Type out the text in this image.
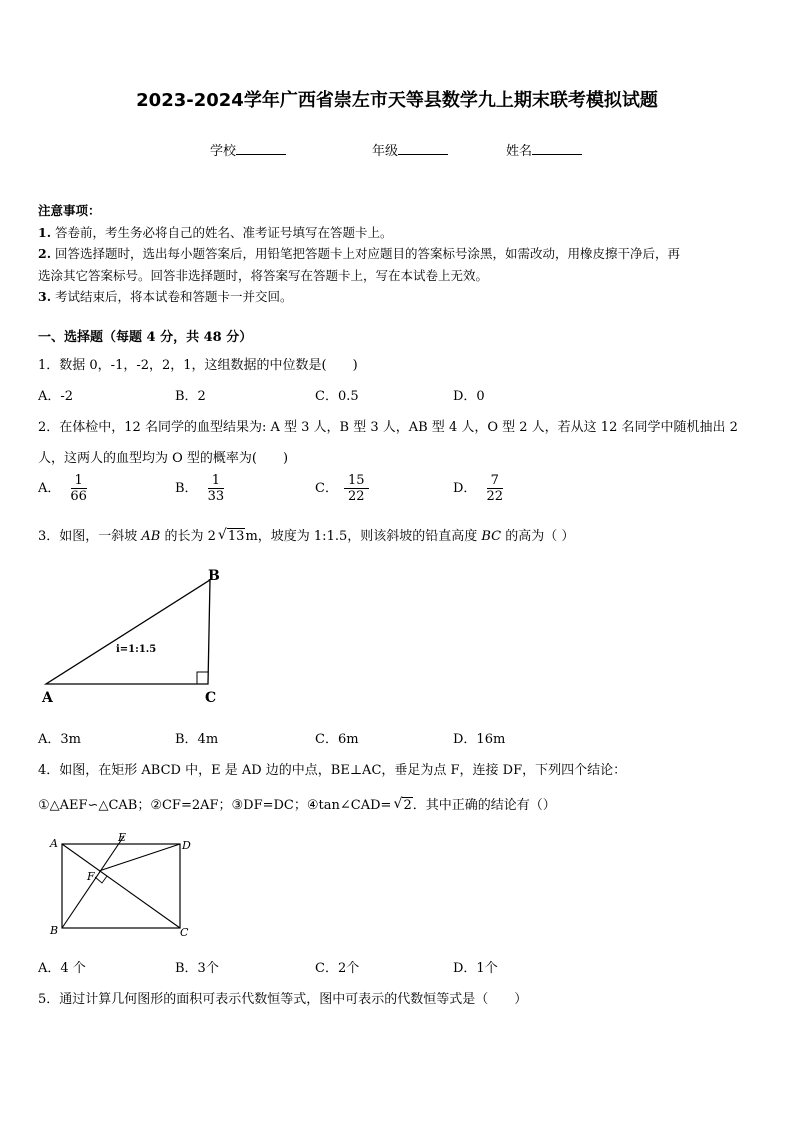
2023-2024学年广西省崇左市天等县数学九上期末联考模拟试题
学校	年级	姓名
注意事项：
1. 答卷前，考生务必将自己的姓名、准考证号填写在答题卡上。
2. 回答选择题时，选出每小题答案后，用铅笔把答题卡上对应题目的答案标号涂黑，如需改动，用橡皮擦干净后，再
选涂其它答案标号。回答非选择题时，将答案写在答题卡上，写在本试卷上无效。
3. 考试结束后，将本试卷和答题卡一并交回。
一、选择题（每题 4 分，共 48 分）
1．数据 0，-1，-2，2，1，这组数据的中位数是(　　)
A．-2	B．2	C．0.5	D．0
2．在体检中，12 名同学的血型结果为: A 型 3 人，B 型 3 人，AB 型 4 人，O 型 2 人，若从这 12 名同学中随机抽出 2
人，这两人的血型均为 O 型的概率为(　　)
A． $\frac{1}{66}$	B． $\frac{1}{33}$	C． $\frac{15}{22}$	D． $\frac{7}{22}$
3．如图，一斜坡 AB 的长为 2 √ 13m，坡度为 1:1.5，则该斜坡的铅直高度 BC 的高为（ ）
A
B
C
i=1:1.5
A．3m	B．4m	C．6m	D．16m
4．如图，在矩形 ABCD 中，E 是 AD 边的中点，BE⊥AC，垂足为点 F，连接 DF，下列四个结论：
①△AEF∽△CAB；②CF=2AF；③DF=DC；④tan∠CAD= √ 2．其中正确的结论有（）
A
B	C
D
E
F
A．4 个	B．3个	C．2个	D．1个
5．通过计算几何图形的面积可表示代数恒等式，图中可表示的代数恒等式是（　　）
